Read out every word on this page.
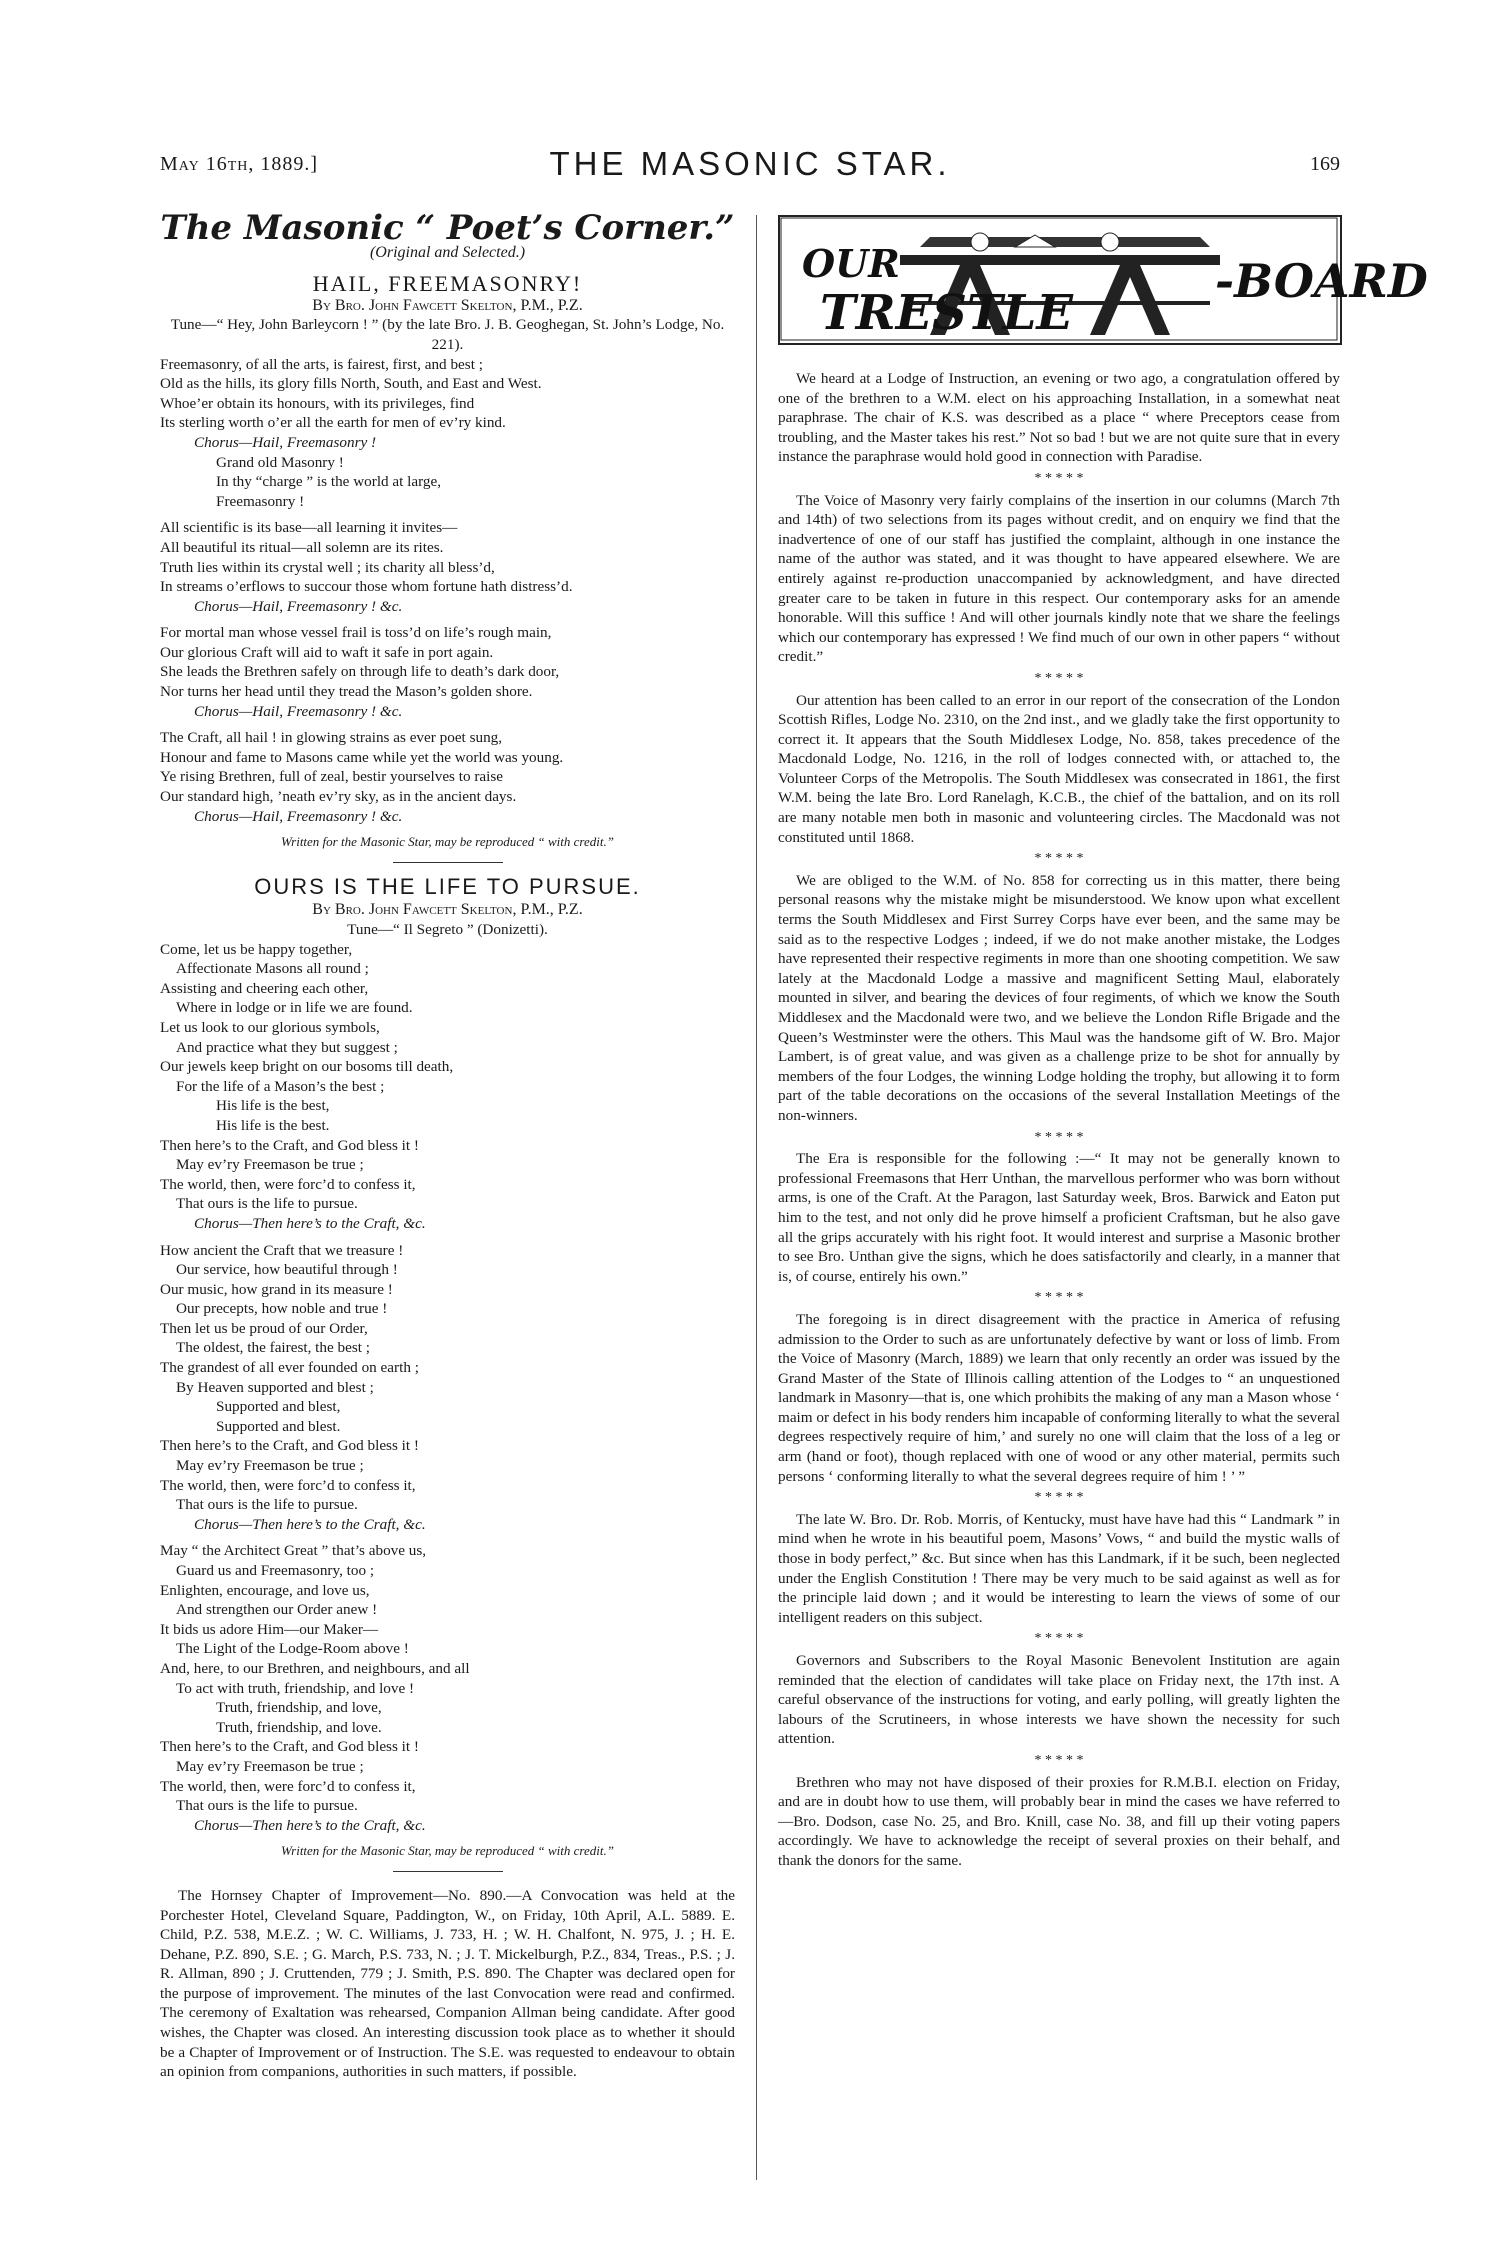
May 16th, 1889.]	THE MASONIC STAR.	169
The Masonic “ Poet’s Corner.”
(Original and Selected.)
HAIL, FREEMASONRY!
By Bro. John Fawcett Skelton, P.M., P.Z.
Tune—“ Hey, John Barleycorn ! ” (by the late Bro. J. B. Geoghegan, St. John’s Lodge, No. 221).
Freemasonry, of all the arts, is fairest, first, and best ;
Old as the hills, its glory fills North, South, and East and West.
Whoe’er obtain its honours, with its privileges, find
Its sterling worth o’er all the earth for men of ev’ry kind.
Chorus—Hail, Freemasonry !
Grand old Masonry !
In thy “charge ” is the world at large,
Freemasonry !
All scientific is its base—all learning it invites—
All beautiful its ritual—all solemn are its rites.
Truth lies within its crystal well ; its charity all bless’d,
In streams o’erflows to succour those whom fortune hath distress’d.
Chorus—Hail, Freemasonry ! &c.
For mortal man whose vessel frail is toss’d on life’s rough main,
Our glorious Craft will aid to waft it safe in port again.
She leads the Brethren safely on through life to death’s dark door,
Nor turns her head until they tread the Mason’s golden shore.
Chorus—Hail, Freemasonry ! &c.
The Craft, all hail ! in glowing strains as ever poet sung,
Honour and fame to Masons came while yet the world was young.
Ye rising Brethren, full of zeal, bestir yourselves to raise
Our standard high, ’neath ev’ry sky, as in the ancient days.
Chorus—Hail, Freemasonry ! &c.
Written for the Masonic Star, may be reproduced “ with credit.”
OURS IS THE LIFE TO PURSUE.
By Bro. John Fawcett Skelton, P.M., P.Z.
Tune—“ Il Segreto ” (Donizetti).
Come, let us be happy together,
Affectionate Masons all round ;
Assisting and cheering each other,
Where in lodge or in life we are found.
Let us look to our glorious symbols,
And practice what they but suggest ;
Our jewels keep bright on our bosoms till death,
For the life of a Mason’s the best ;
His life is the best,
His life is the best.
Then here’s to the Craft, and God bless it !
May ev’ry Freemason be true ;
The world, then, were forc’d to confess it,
That ours is the life to pursue.
Chorus—Then here’s to the Craft, &c.
How ancient the Craft that we treasure !
Our service, how beautiful through !
Our music, how grand in its measure !
Our precepts, how noble and true !
Then let us be proud of our Order,
The oldest, the fairest, the best ;
The grandest of all ever founded on earth ;
By Heaven supported and blest ;
Supported and blest,
Supported and blest.
Then here’s to the Craft, and God bless it !
May ev’ry Freemason be true ;
The world, then, were forc’d to confess it,
That ours is the life to pursue.
Chorus—Then here’s to the Craft, &c.
May “ the Architect Great ” that’s above us,
Guard us and Freemasonry, too ;
Enlighten, encourage, and love us,
And strengthen our Order anew !
It bids us adore Him—our Maker—
The Light of the Lodge-Room above !
And, here, to our Brethren, and neighbours, and all
To act with truth, friendship, and love !
Truth, friendship, and love,
Truth, friendship, and love.
Then here’s to the Craft, and God bless it !
May ev’ry Freemason be true ;
The world, then, were forc’d to confess it,
That ours is the life to pursue.
Chorus—Then here’s to the Craft, &c.
Written for the Masonic Star, may be reproduced “ with credit.”

The Hornsey Chapter of Improvement—No. 890.—A Convocation was held at the Porchester Hotel, Cleveland Square, Paddington, W., on Friday, 10th April, A.L. 5889. E. Child, P.Z. 538, M.E.Z. ; W. C. Williams, J. 733, H. ; W. H. Chalfont, N. 975, J. ; H. E. Dehane, P.Z. 890, S.E. ; G. March, P.S. 733, N. ; J. T. Mickelburgh, P.Z., 834, Treas., P.S. ; J. R. Allman, 890 ; J. Cruttenden, 779 ; J. Smith, P.S. 890. The Chapter was declared open for the purpose of improvement. The minutes of the last Convocation were read and confirmed. The ceremony of Exaltation was rehearsed, Companion Allman being candidate. After good wishes, the Chapter was closed. An interesting discussion took place as to whether it should be a Chapter of Improvement or of Instruction. The S.E. was requested to endeavour to obtain an opinion from companions, authorities in such matters, if possible.

OUR
TRESTLE
-BOARD

We heard at a Lodge of Instruction, an evening or two ago, a congratulation offered by one of the brethren to a W.M. elect on his approaching Installation, in a somewhat neat paraphrase. The chair of K.S. was described as a place “ where Preceptors cease from troubling, and the Master takes his rest.” Not so bad ! but we are not quite sure that in every instance the paraphrase would hold good in connection with Paradise.

* * * * *

The Voice of Masonry very fairly complains of the insertion in our columns (March 7th and 14th) of two selections from its pages without credit, and on enquiry we find that the inadvertence of one of our staff has justified the complaint, although in one instance the name of the author was stated, and it was thought to have appeared elsewhere. We are entirely against re-production unaccompanied by acknowledgment, and have directed greater care to be taken in future in this respect. Our contemporary asks for an amende honorable. Will this suffice ! And will other journals kindly note that we share the feelings which our contemporary has expressed ! We find much of our own in other papers “ without credit.”

* * * * *

Our attention has been called to an error in our report of the consecration of the London Scottish Rifles, Lodge No. 2310, on the 2nd inst., and we gladly take the first opportunity to correct it. It appears that the South Middlesex Lodge, No. 858, takes precedence of the Macdonald Lodge, No. 1216, in the roll of lodges connected with, or attached to, the Volunteer Corps of the Metropolis. The South Middlesex was consecrated in 1861, the first W.M. being the late Bro. Lord Ranelagh, K.C.B., the chief of the battalion, and on its roll are many notable men both in masonic and volunteering circles. The Macdonald was not constituted until 1868.

* * * * *

We are obliged to the W.M. of No. 858 for correcting us in this matter, there being personal reasons why the mistake might be misunderstood. We know upon what excellent terms the South Middlesex and First Surrey Corps have ever been, and the same may be said as to the respective Lodges ; indeed, if we do not make another mistake, the Lodges have represented their respective regiments in more than one shooting competition. We saw lately at the Macdonald Lodge a massive and magnificent Setting Maul, elaborately mounted in silver, and bearing the devices of four regiments, of which we know the South Middlesex and the Macdonald were two, and we believe the London Rifle Brigade and the Queen’s Westminster were the others. This Maul was the handsome gift of W. Bro. Major Lambert, is of great value, and was given as a challenge prize to be shot for annually by members of the four Lodges, the winning Lodge holding the trophy, but allowing it to form part of the table decorations on the occasions of the several Installation Meetings of the non-winners.

* * * * *

The Era is responsible for the following :—“ It may not be generally known to professional Freemasons that Herr Unthan, the marvellous performer who was born without arms, is one of the Craft. At the Paragon, last Saturday week, Bros. Barwick and Eaton put him to the test, and not only did he prove himself a proficient Craftsman, but he also gave all the grips accurately with his right foot. It would interest and surprise a Masonic brother to see Bro. Unthan give the signs, which he does satisfactorily and clearly, in a manner that is, of course, entirely his own.”

* * * * *

The foregoing is in direct disagreement with the practice in America of refusing admission to the Order to such as are unfortunately defective by want or loss of limb. From the Voice of Masonry (March, 1889) we learn that only recently an order was issued by the Grand Master of the State of Illinois calling attention of the Lodges to “ an unquestioned landmark in Masonry—that is, one which prohibits the making of any man a Mason whose ‘ maim or defect in his body renders him incapable of conforming literally to what the several degrees respectively require of him,’ and surely no one will claim that the loss of a leg or arm (hand or foot), though replaced with one of wood or any other material, permits such persons ‘ conforming literally to what the several degrees require of him ! ’ ”

* * * * *

The late W. Bro. Dr. Rob. Morris, of Kentucky, must have have had this “ Landmark ” in mind when he wrote in his beautiful poem, Masons’ Vows, “ and build the mystic walls of those in body perfect,” &c. But since when has this Landmark, if it be such, been neglected under the English Constitution ! There may be very much to be said against as well as for the principle laid down ; and it would be interesting to learn the views of some of our intelligent readers on this subject.

* * * * *

Governors and Subscribers to the Royal Masonic Benevolent Institution are again reminded that the election of candidates will take place on Friday next, the 17th inst. A careful observance of the instructions for voting, and early polling, will greatly lighten the labours of the Scrutineers, in whose interests we have shown the necessity for such attention.

* * * * *

Brethren who may not have disposed of their proxies for R.M.B.I. election on Friday, and are in doubt how to use them, will probably bear in mind the cases we have referred to—Bro. Dodson, case No. 25, and Bro. Knill, case No. 38, and fill up their voting papers accordingly. We have to acknowledge the receipt of several proxies on their behalf, and thank the donors for the same.
